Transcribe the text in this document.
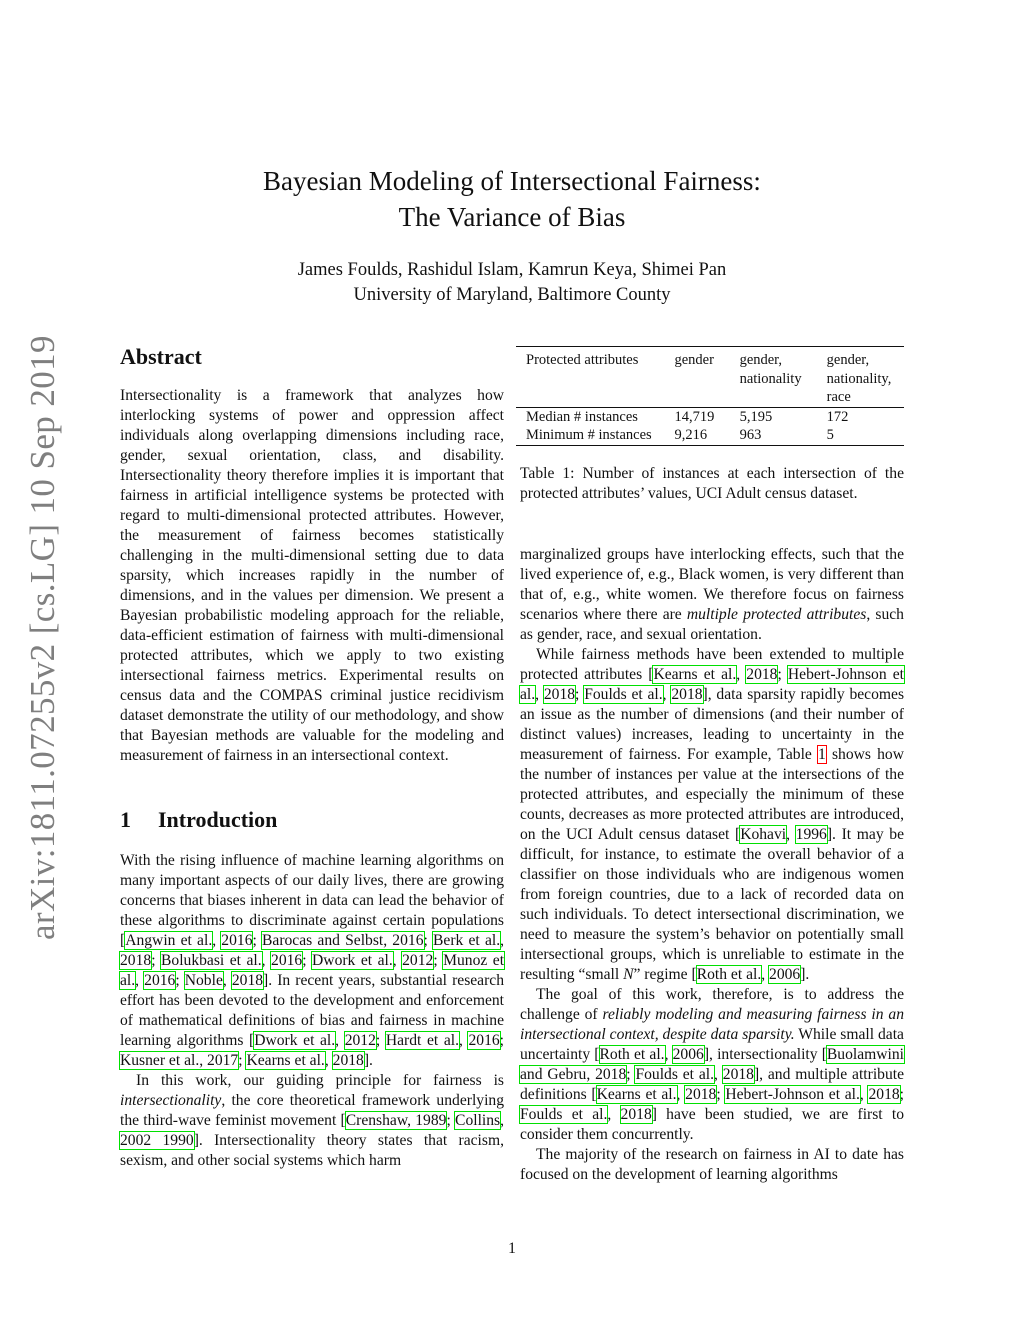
arXiv:1811.07255v2 [cs.LG] 10 Sep 2019
Bayesian Modeling of Intersectional Fairness:
The Variance of Bias
James Foulds, Rashidul Islam, Kamrun Keya, Shimei Pan
University of Maryland, Baltimore County
Abstract

Intersectionality is a framework that analyzes how interlocking systems of power and oppression affect individuals along overlapping dimensions including race, gender, sexual orientation, class, and disability. Intersectionality theory therefore implies it is important that fairness in artificial intelligence systems be protected with regard to multi-dimensional protected attributes. However, the measurement of fairness becomes statistically challenging in the multi-dimensional setting due to data sparsity, which increases rapidly in the number of dimensions, and in the values per dimension. We present a Bayesian probabilistic modeling approach for the reliable, data-efficient estimation of fairness with multi-dimensional protected attributes, which we apply to two existing intersectional fairness metrics. Experimental results on census data and the COMPAS criminal justice recidivism dataset demonstrate the utility of our methodology, and show that Bayesian methods are valuable for the modeling and measurement of fairness in an intersectional context.

1 Introduction

With the rising influence of machine learning algorithms on many important aspects of our daily lives, there are growing concerns that biases inherent in data can lead the behavior of these algorithms to discriminate against certain populations [Angwin et al., 2016; Barocas and Selbst, 2016; Berk et al., 2018; Bolukbasi et al., 2016; Dwork et al., 2012; Munoz et al., 2016; Noble, 2018]. In recent years, substantial research effort has been devoted to the development and enforcement of mathematical definitions of bias and fairness in machine learning algorithms [Dwork et al., 2012; Hardt et al., 2016; Kusner et al., 2017; Kearns et al., 2018].

In this work, our guiding principle for fairness is intersectionality, the core theoretical framework underlying the third-wave feminist movement [Crenshaw, 1989; Collins, 2002 1990]. Intersectionality theory states that racism, sexism, and other social systems which harm

Protected attributes	gender	gender, nationality	gender, nationality, race
Median # instances	14,719	5,195	172
Minimum # instances	9,216	963	5

Table 1: Number of instances at each intersection of the protected attributes’ values, UCI Adult census dataset.

marginalized groups have interlocking effects, such that the lived experience of, e.g., Black women, is very different than that of, e.g., white women. We therefore focus on fairness scenarios where there are multiple protected attributes, such as gender, race, and sexual orientation.

While fairness methods have been extended to multiple protected attributes [Kearns et al., 2018; Hebert-Johnson et al., 2018; Foulds et al., 2018], data sparsity rapidly becomes an issue as the number of dimensions (and their number of distinct values) increases, leading to uncertainty in the measurement of fairness. For example, Table 1 shows how the number of instances per value at the intersections of the protected attributes, and especially the minimum of these counts, decreases as more protected attributes are introduced, on the UCI Adult census dataset [Kohavi, 1996]. It may be difficult, for instance, to estimate the overall behavior of a classifier on those individuals who are indigenous women from foreign countries, due to a lack of recorded data on such individuals. To detect intersectional discrimination, we need to measure the system’s behavior on potentially small intersectional groups, which is unreliable to estimate in the resulting “small N” regime [Roth et al., 2006].

The goal of this work, therefore, is to address the challenge of reliably modeling and measuring fairness in an intersectional context, despite data sparsity. While small data uncertainty [Roth et al., 2006], intersectionality [Buolamwini and Gebru, 2018; Foulds et al., 2018], and multiple attribute definitions [Kearns et al., 2018; Hebert-Johnson et al., 2018; Foulds et al., 2018] have been studied, we are first to consider them concurrently.

The majority of the research on fairness in AI to date has focused on the development of learning algorithms

1
